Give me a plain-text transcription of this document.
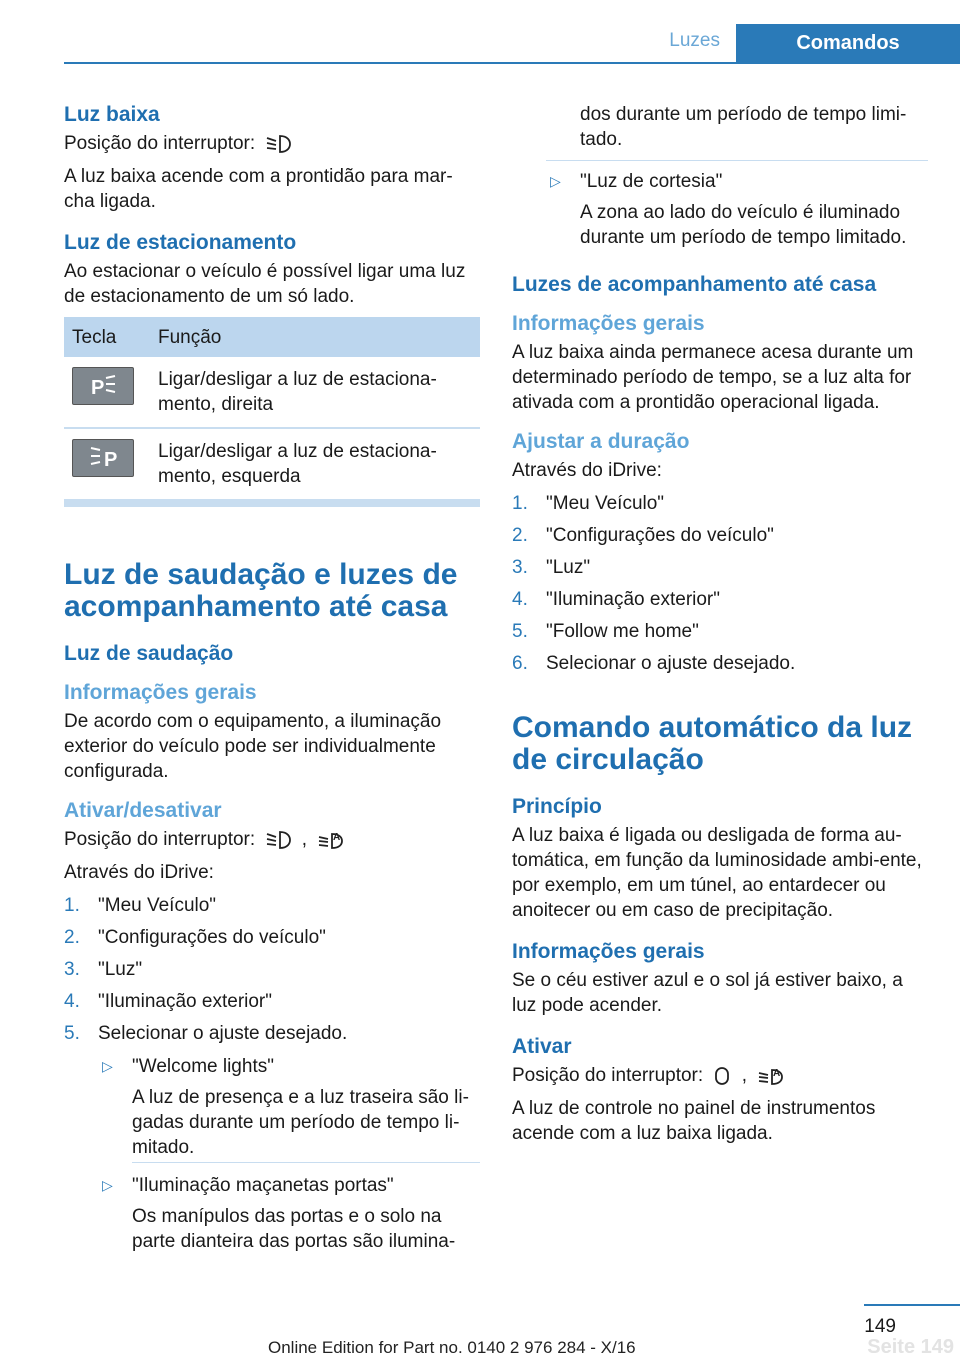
Luzes	Comandos
Luz baixa

Posição do interruptor:

A luz baixa acende com a prontidão para mar-cha ligada.

Luz de estacionamento

Ao estacionar o veículo é possível ligar uma luz de estacionamento de um só lado.

Tecla	Função

P	Ligar/desligar a luz de estaciona-mento, direita

P	Ligar/desligar a luz de estaciona-mento, esquerda
Luz de saudação e luzes de acompanhamento até casa
Luz de saudação
Informações gerais

De acordo com o equipamento, a iluminação exterior do veículo pode ser individualmente configurada.

Ativar/desativar

Posição do interruptor: ,	A

Através do iDrive:

1. "Meu Veículo"
2. "Configurações do veículo"
3. "Luz"
4. "Iluminação exterior"
5. Selecionar o ajuste desejado.
▷ "Welcome lights"
A luz de presença e a luz traseira são li-gadas durante um período de tempo li-mitado.
▷ "Iluminação maçanetas portas"
Os manípulos das portas e o solo na parte dianteira das portas são ilumina-
dos durante um período de tempo limi-tado.
▷ "Luz de cortesia"
A zona ao lado do veículo é iluminado durante um período de tempo limitado.
Luzes de acompanhamento até casa
Informações gerais

A luz baixa ainda permanece acesa durante um determinado período de tempo, se a luz alta for ativada com a prontidão operacional ligada.

Ajustar a duração

Através do iDrive:

1. "Meu Veículo"
2. "Configurações do veículo"
3. "Luz"
4. "Iluminação exterior"
5. "Follow me home"
6. Selecionar o ajuste desejado.
Comando automático da luz de circulação
Princípio

A luz baixa é ligada ou desligada de forma au-tomática, em função da luminosidade ambi-ente, por exemplo, em um túnel, ao entardecer ou anoitecer ou em caso de precipitação.

Informações gerais

Se o céu estiver azul e o sol já estiver baixo, a luz pode acender.

Ativar

Posição do interruptor: ,	A

A luz de controle no painel de instrumentos acende com a luz baixa ligada.

149
Seite 149
Online Edition for Part no. 0140 2 976 284 - X/16
